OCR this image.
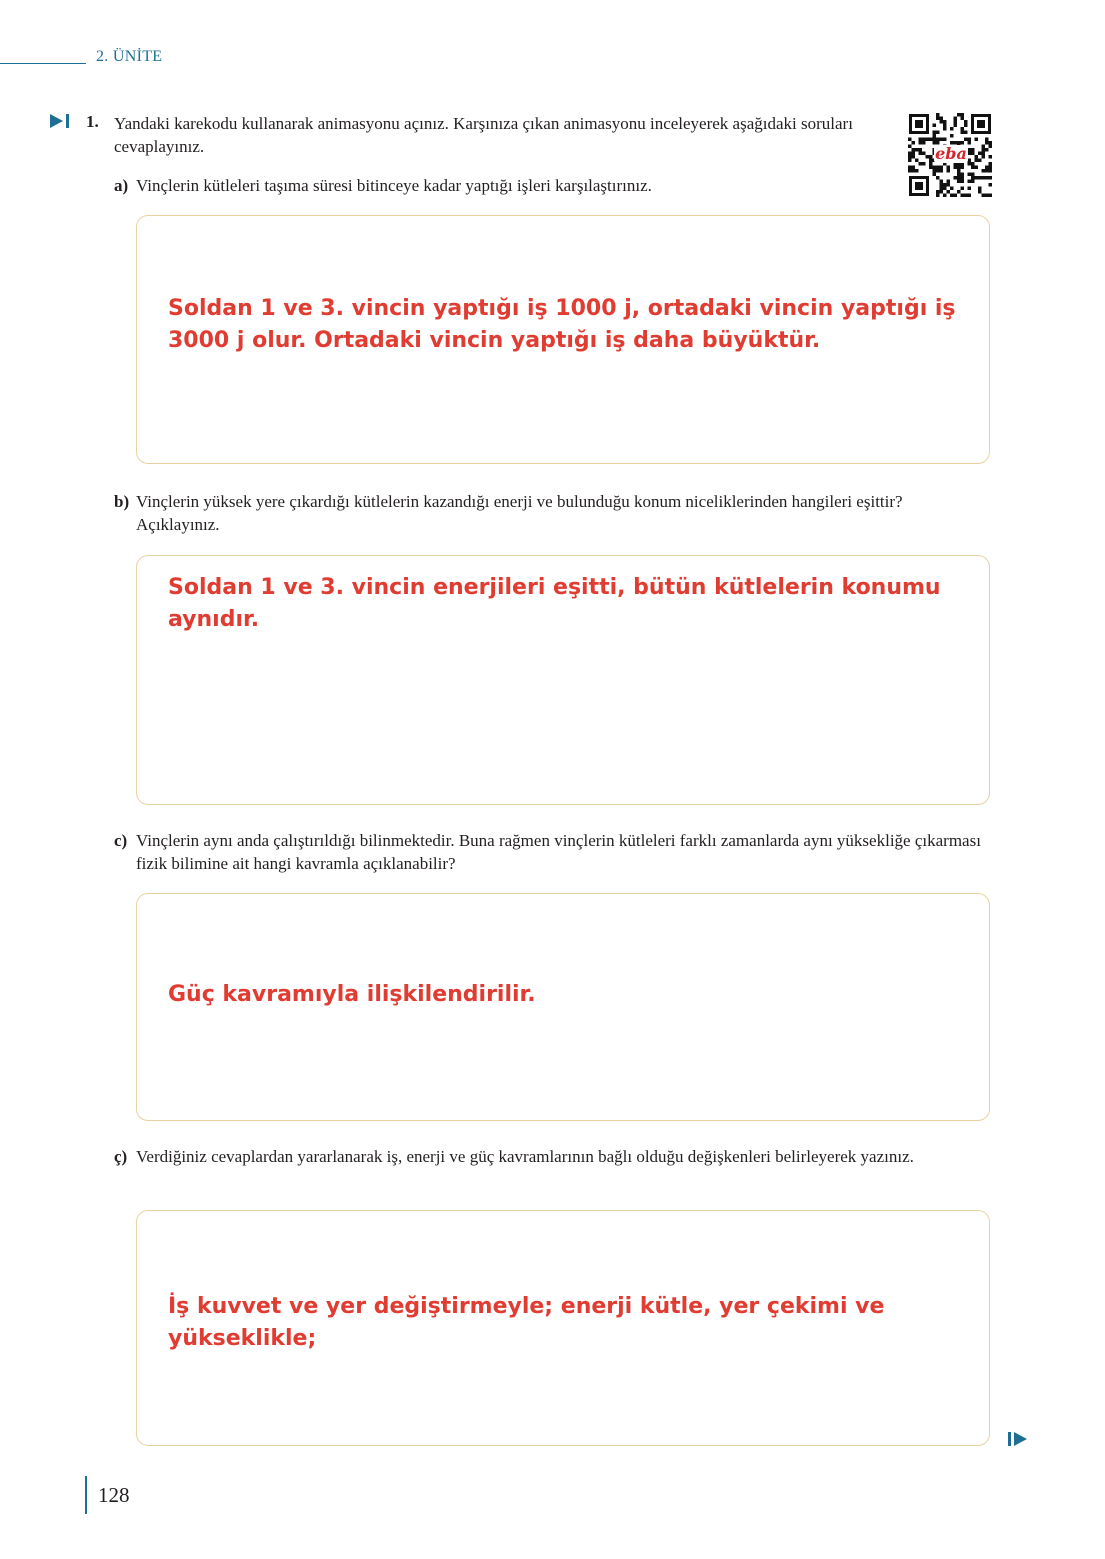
2. ÜNİTE
1. Yandaki karekodu kullanarak animasyonu açınız. Karşınıza çıkan animasyonu inceleyerek aşağıdaki soruları cevaplayınız.	eba
a) Vinçlerin kütleleri taşıma süresi bitinceye kadar yaptığı işleri karşılaştırınız.
Soldan 1 ve 3. vincin yaptığı iş 1000 j, ortadaki vincin yaptığı iş 3000 j olur. Ortadaki vincin yaptığı iş daha büyüktür.
b) Vinçlerin yüksek yere çıkardığı kütlelerin kazandığı enerji ve bulunduğu konum niceliklerinden hangileri eşittir? Açıklayınız.
Soldan 1 ve 3. vincin enerjileri eşitti, bütün kütlelerin konumu aynıdır.
c) Vinçlerin aynı anda çalıştırıldığı bilinmektedir. Buna rağmen vinçlerin kütleleri farklı zamanlarda aynı yüksekliğe çıkarması fizik bilimine ait hangi kavramla açıklanabilir?
Güç kavramıyla ilişkilendirilir.
ç) Verdiğiniz cevaplardan yararlanarak iş, enerji ve güç kavramlarının bağlı olduğu değişkenleri belirleyerek yazınız.
İş kuvvet ve yer değiştirmeyle; enerji kütle, yer çekimi ve yükseklikle;
128
